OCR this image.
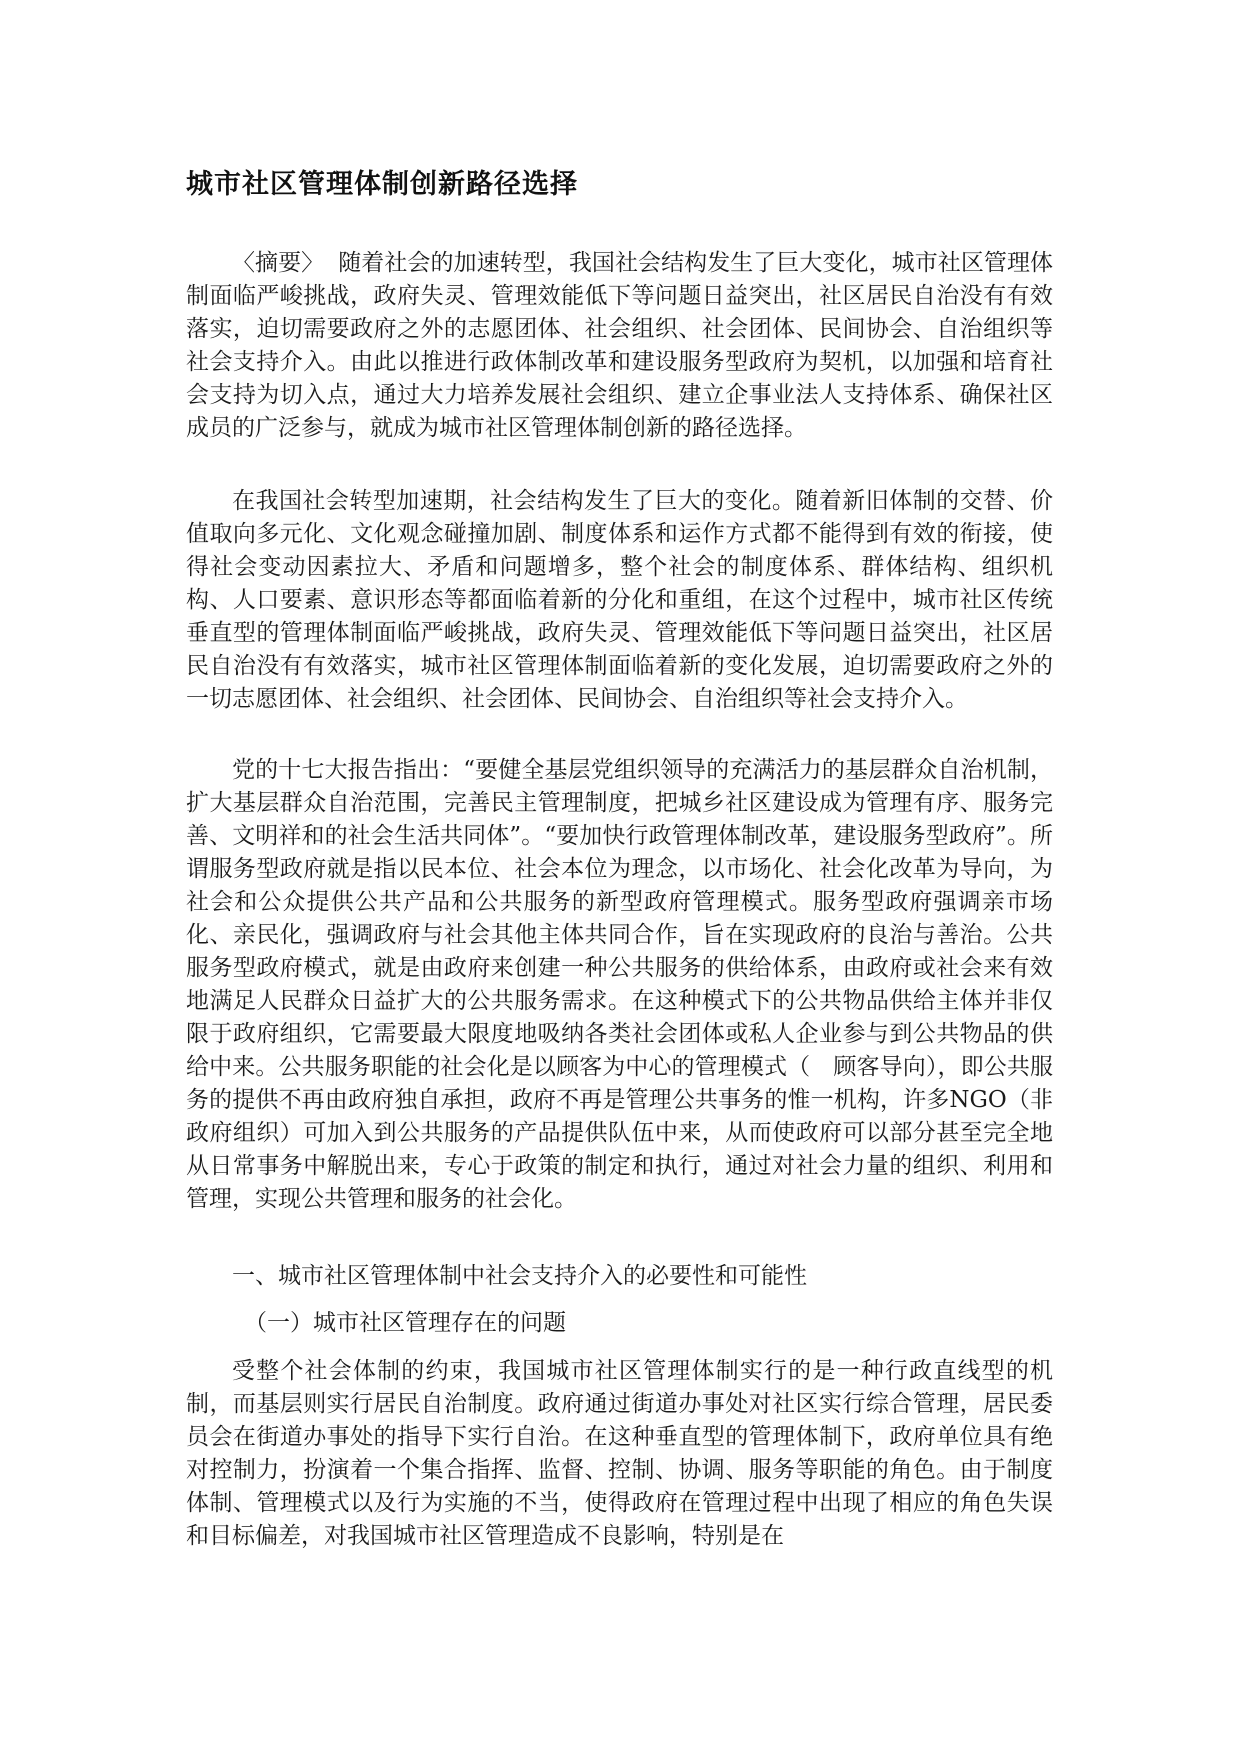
城市社区管理体制创新路径选择

〈摘要〉 随着社会的加速转型，我国社会结构发生了巨大变化，城市社区管理体制面临严峻挑战，政府失灵、管理效能低下等问题日益突出，社区居民自治没有有效落实，迫切需要政府之外的志愿团体、社会组织、社会团体、民间协会、自治组织等社会支持介入。由此以推进行政体制改革和建设服务型政府为契机，以加强和培育社会支持为切入点，通过大力培养发展社会组织、建立企事业法人支持体系、确保社区成员的广泛参与，就成为城市社区管理体制创新的路径选择。

在我国社会转型加速期，社会结构发生了巨大的变化。随着新旧体制的交替、价值取向多元化、文化观念碰撞加剧、制度体系和运作方式都不能得到有效的衔接，使得社会变动因素拉大、矛盾和问题增多，整个社会的制度体系、群体结构、组织机构、人口要素、意识形态等都面临着新的分化和重组，在这个过程中，城市社区传统垂直型的管理体制面临严峻挑战，政府失灵、管理效能低下等问题日益突出，社区居民自治没有有效落实，城市社区管理体制面临着新的变化发展，迫切需要政府之外的一切志愿团体、社会组织、社会团体、民间协会、自治组织等社会支持介入。

党的十七大报告指出：“要健全基层党组织领导的充满活力的基层群众自治机制，扩大基层群众自治范围，完善民主管理制度，把城乡社区建设成为管理有序、服务完善、文明祥和的社会生活共同体”。“要加快行政管理体制改革，建设服务型政府”。所谓服务型政府就是指以民本位、社会本位为理念，以市场化、社会化改革为导向，为社会和公众提供公共产品和公共服务的新型政府管理模式。服务型政府强调亲市场化、亲民化，强调政府与社会其他主体共同合作，旨在实现政府的良治与善治。公共服务型政府模式，就是由政府来创建一种公共服务的供给体系，由政府或社会来有效地满足人民群众日益扩大的公共服务需求。在这种模式下的公共物品供给主体并非仅限于政府组织，它需要最大限度地吸纳各类社会团体或私人企业参与到公共物品的供给中来。公共服务职能的社会化是以顾客为中心的管理模式（　顾客导向），即公共服务的提供不再由政府独自承担，政府不再是管理公共事务的惟一机构，许多NGO（非政府组织）可加入到公共服务的产品提供队伍中来，从而使政府可以部分甚至完全地从日常事务中解脱出来，专心于政策的制定和执行，通过对社会力量的组织、利用和管理，实现公共管理和服务的社会化。

一、城市社区管理体制中社会支持介入的必要性和可能性

（一）城市社区管理存在的问题

受整个社会体制的约束，我国城市社区管理体制实行的是一种行政直线型的机制，而基层则实行居民自治制度。政府通过街道办事处对社区实行综合管理，居民委员会在街道办事处的指导下实行自治。在这种垂直型的管理体制下，政府单位具有绝对控制力，扮演着一个集合指挥、监督、控制、协调、服务等职能的角色。由于制度体制、管理模式以及行为实施的不当，使得政府在管理过程中出现了相应的角色失误和目标偏差，对我国城市社区管理造成不良影响，特别是在
